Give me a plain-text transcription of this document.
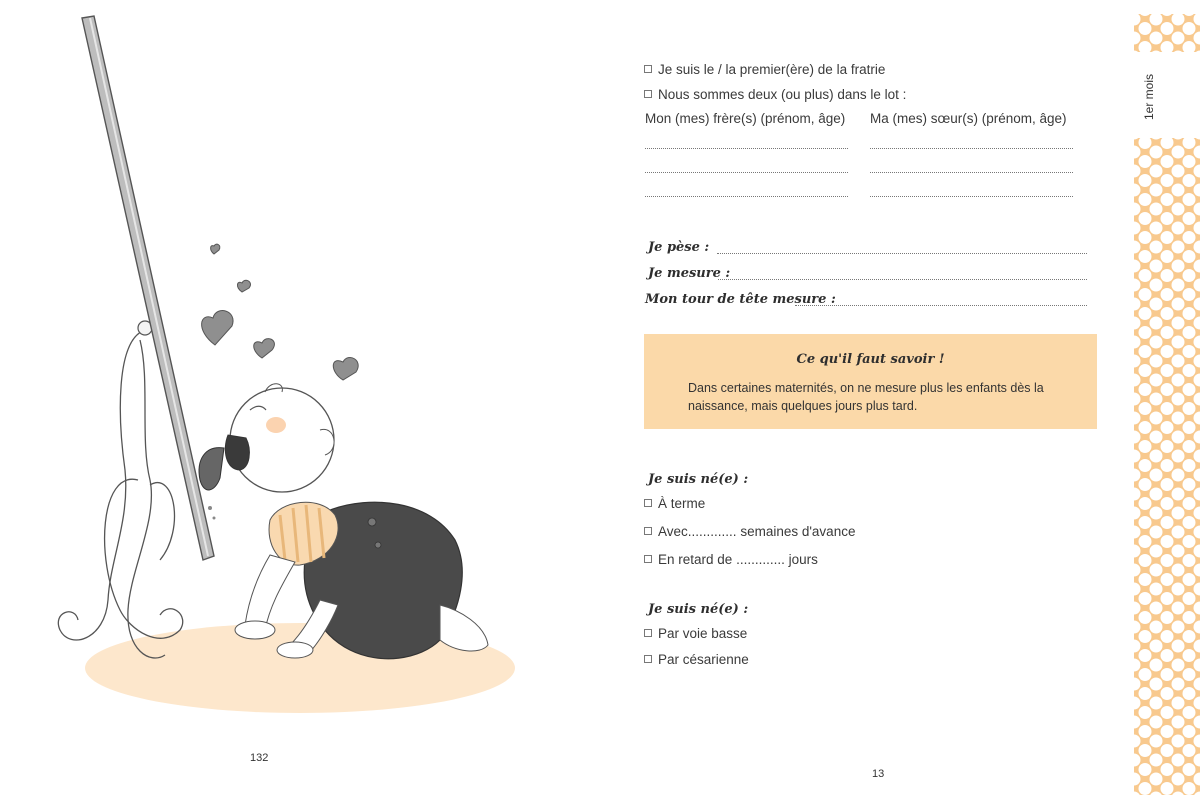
132
Je suis le / la premier(ère) de la fratrie
Nous sommes deux (ou plus) dans le lot :
Mon (mes) frère(s) (prénom, âge) Ma (mes) sœur(s) (prénom, âge)
Je pèse :
Je mesure :
Mon tour de tête mesure :
Ce qu'il faut savoir !
Dans certaines maternités, on ne mesure plus les enfants dès la naissance, mais quelques jours plus tard.
Je suis né(e) :
À terme
Avec............. semaines d'avance
En retard de ............. jours
Je suis né(e) :
Par voie basse
Par césarienne
13
1er mois
